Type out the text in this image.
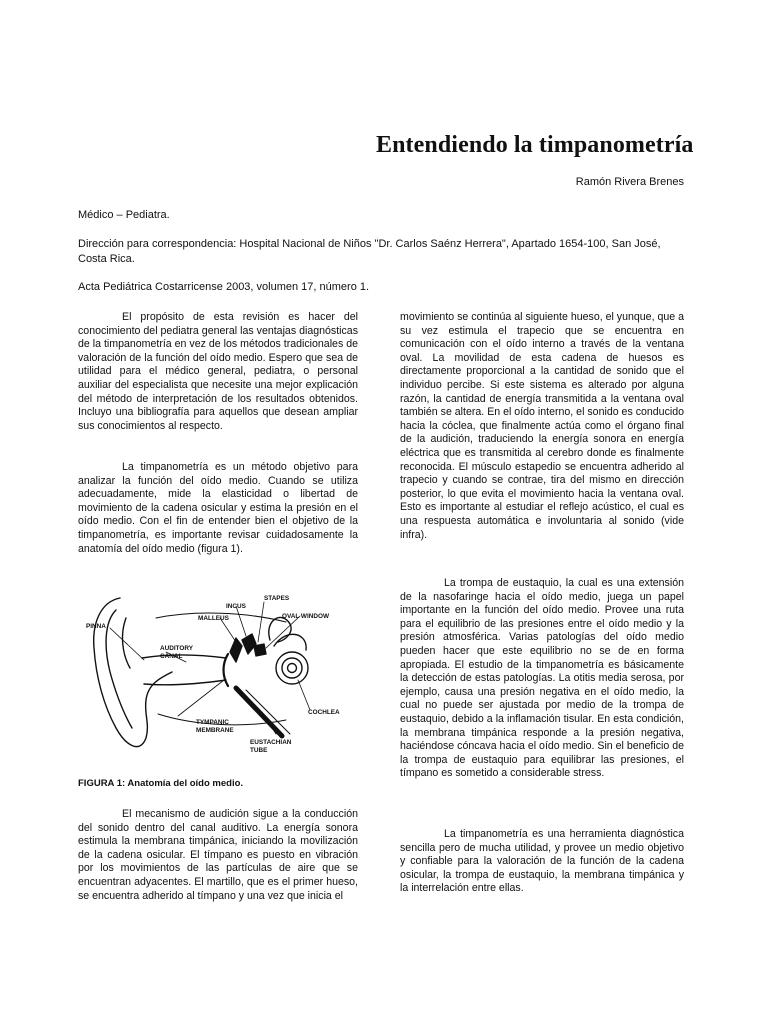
Entendiendo la timpanometría
Ramón Rivera Brenes
Médico – Pediatra.
Dirección para correspondencia: Hospital Nacional de Niños "Dr. Carlos Saénz Herrera", Apartado 1654-100, San José, Costa Rica.
Acta Pediátrica Costarricense 2003, volumen 17, número 1.

El propósito de esta revisión es hacer del conocimiento del pediatra general las ventajas diagnósticas de la timpanometría en vez de los métodos tradicionales de valoración de la función del oído medio. Espero que sea de utilidad para el médico general, pediatra, o personal auxiliar del especialista que necesite una mejor explicación del método de interpretación de los resultados obtenidos. Incluyo una bibliografía para aquellos que desean ampliar sus conocimientos al respecto.

La timpanometría es un método objetivo para analizar la función del oído medio. Cuando se utiliza adecuadamente, mide la elasticidad o libertad de movimiento de la cadena osicular y estima la presión en el oído medio. Con el fin de entender bien el objetivo de la timpanometría, es importante revisar cuidadosamente la anatomía del oído medio (figura 1).

STAPES
INCUS
MALLEUS	OVAL WINDOW
PINNA
AUDITORY
CANAL
COCHLEA
TYMPANIC
MEMBRANE
EUSTACHIAN
TUBE
FIGURA 1: Anatomía del oído medio.

El mecanismo de audición sigue a la conducción del sonido dentro del canal auditivo. La energía sonora estimula la membrana timpánica, iniciando la movilización de la cadena osicular. El tímpano es puesto en vibración por los movimientos de las partículas de aire que se encuentran adyacentes. El martillo, que es el primer hueso, se encuentra adherido al tímpano y una vez que inicia el

movimiento se continúa al siguiente hueso, el yunque, que a su vez estimula el trapecio que se encuentra en comunicación con el oído interno a través de la ventana oval. La movilidad de esta cadena de huesos es directamente proporcional a la cantidad de sonido que el individuo percibe. Si este sistema es alterado por alguna razón, la cantidad de energía transmitida a la ventana oval también se altera. En el oído interno, el sonido es conducido hacia la cóclea, que finalmente actúa como el órgano final de la audición, traduciendo la energía sonora en energía eléctrica que es transmitida al cerebro donde es finalmente reconocida. El músculo estapedio se encuentra adherido al trapecio y cuando se contrae, tira del mismo en dirección posterior, lo que evita el movimiento hacia la ventana oval. Esto es importante al estudiar el reflejo acústico, el cual es una respuesta automática e involuntaria al sonido (vide infra).

La trompa de eustaquio, la cual es una extensión de la nasofaringe hacia el oído medio, juega un papel importante en la función del oído medio. Provee una ruta para el equilibrio de las presiones entre el oído medio y la presión atmosférica. Varias patologías del oído medio pueden hacer que este equilibrio no se de en forma apropiada. El estudio de la timpanometría es básicamente la detección de estas patologías. La otitis media serosa, por ejemplo, causa una presión negativa en el oído medio, la cual no puede ser ajustada por medio de la trompa de eustaquio, debido a la inflamación tisular. En esta condición, la membrana timpánica responde a la presión negativa, haciéndose cóncava hacia el oído medio. Sin el beneficio de la trompa de eustaquio para equilibrar las presiones, el tímpano es sometido a considerable stress.

La timpanometría es una herramienta diagnóstica sencilla pero de mucha utilidad, y provee un medio objetivo y confiable para la valoración de la función de la cadena osicular, la trompa de eustaquio, la membrana timpánica y la interrelación entre ellas.
